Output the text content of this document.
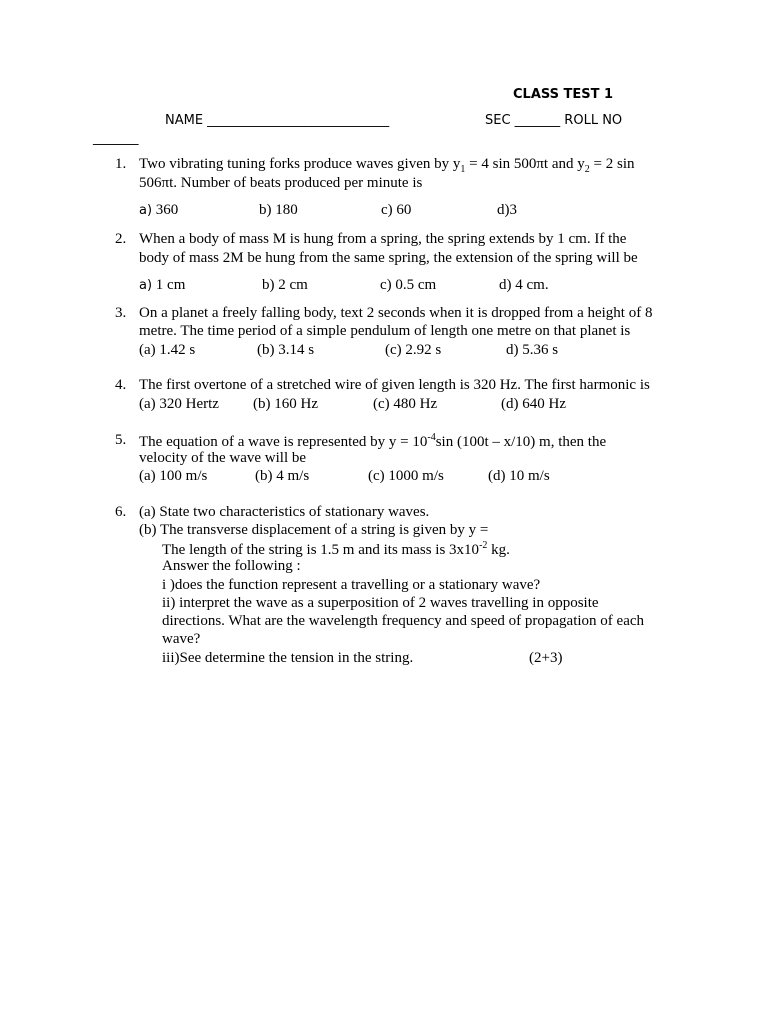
CLASS TEST 1
NAME ____________________________	SEC _______ ROLL NO
_______
1. Two vibrating tuning forks produce waves given by $y_1 = 4$ sin 500πt and $y_2 = 2$ sin
506πt. Number of beats produced per minute is
a) 360	b) 180	c) 60	d)3
2. When a body of mass M is hung from a spring, the spring extends by 1 cm. If the
body of mass 2M be hung from the same spring, the extension of the spring will be
a) 1 cm	b) 2 cm	c) 0.5 cm	d) 4 cm.
3. On a planet a freely falling body, text 2 seconds when it is dropped from a height of 8
metre. The time period of a simple pendulum of length one metre on that planet is
(a) 1.42 s	(b) 3.14 s	(c) 2.92 s	d) 5.36 s
4. The first overtone of a stretched wire of given length is 320 Hz. The first harmonic is
(a) 320 Hertz (b) 160 Hz	(c) 480 Hz	(d) 640 Hz
5. The equation of a wave is represented by $y = 10^{-4}\sin$ (100t – x/10) m, then the
velocity of the wave will be
(a) 100 m/s	(b) 4 m/s	(c) 1000 m/s	(d) 10 m/s
6. (a) State two characteristics of stationary waves.
(b) The transverse displacement of a string is given by y =
The length of the string is 1.5 m and its mass is $3x10^{-2}$ kg.
Answer the following :
i )does the function represent a travelling or a stationary wave?
ii) interpret the wave as a superposition of 2 waves travelling in opposite
directions. What are the wavelength frequency and speed of propagation of each
wave?
iii)See determine the tension in the string.	(2+3)
